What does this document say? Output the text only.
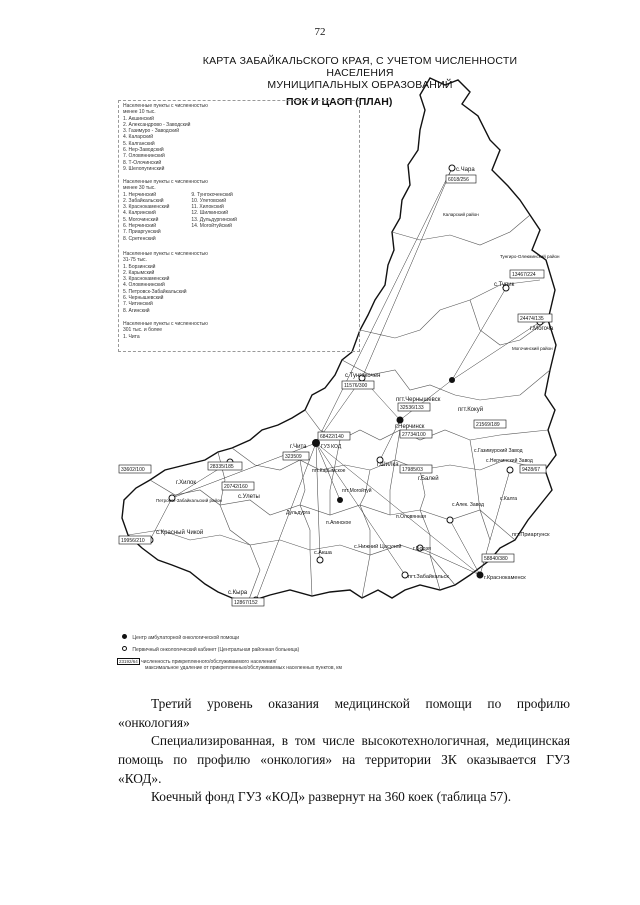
72
КАРТА ЗАБАЙКАЛЬСКОГО КРАЯ, С УЧЕТОМ ЧИСЛЕННОСТИ НАСЕЛЕНИЯ
МУНИЦИПАЛЬНЫХ ОБРАЗОВАНИЙ
ПОК И ЦАОП (ПЛАН)
с.Чара
6018/256
Каларский район
с.Тупик
13467/224
Тунгиро-Олекминский район
24474/135
г.Могоча
Могочинский район
с.Тунгокочен
11576/300
пгт.Чернышевск
32536/133
г.Нерчинск
27734/100
пгт.Кокуй
21569/189
г.Чита	ГУЗ КОД
68422/140
323509
г.Шилка
17985/03
г.Балей
с.Газимурский Завод
с.Нерчинский Завод
9428/67
33602/100
г.Хилок
Петровск-Забайкальский район
28335/185
20742/160
с.Улеты
пгт.Карымское
пгт.Могойтуй
Дульдурга
п.Агинское
с.Красный Чикой
19956/210
с.Кыра
12867/152
с.Акша
с.Нижний Цасучей г.Борзя
п.Оловянная
пгт.Забайкальск	г.Краснокаменск
58840/380
пгт.Приаргунск
с.Алек. Завод
с.Калга
Населенные пункты с численностью
менее 10 тыс.
1. Акшинский
2. Александрово - Заводский
3. Газимуро - Заводский
4. Каларский
5. Калганский
6. Нер-Заводский
7. Оловяннинский
8. Т-Олочинский
9. Шелопугинский
Населенные пункты с численностью
менее 30 тыс.
1. Нерчинский
2. Забайкальский
3. Краснокаменский
4. Калринский
5. Могочинский
6. Нерчинский
7. Приаргунский
8. Сретенский
9. Тунгокоченский
10. Улетовский
11. Хилокский
12. Шилкинский
13. Дульдургинский
14. Могойтуйский
Населенные пункты с численностью
31-75 тыс.
1. Борзинский
2. Карымский
3. Краснокаменский
4. Оловяннинский
5. Петровск-Забайкальский
6. Чернышевский
7. Читинский
8. Агинский
Населенные пункты с численностью
301 тыс. и более
1. Чита
Центр амбулаторной онкологической помощи
Первичный онкологический кабинет (Центральная районная больница)
23192/64 численность прикрепленного/обслуживаемого населения/
максимальное удаление от прикрепленных/обслуживаемых населенных пунктов, км
Третий уровень оказания медицинской помощи по профилю
«онкология»
Специализированная, в том числе высокотехнологичная, медицинская
помощь по профилю «онкология» на территории ЗК оказывается ГУЗ
«КОД».
Коечный фонд ГУЗ «КОД» развернут на 360 коек (таблица 57).
